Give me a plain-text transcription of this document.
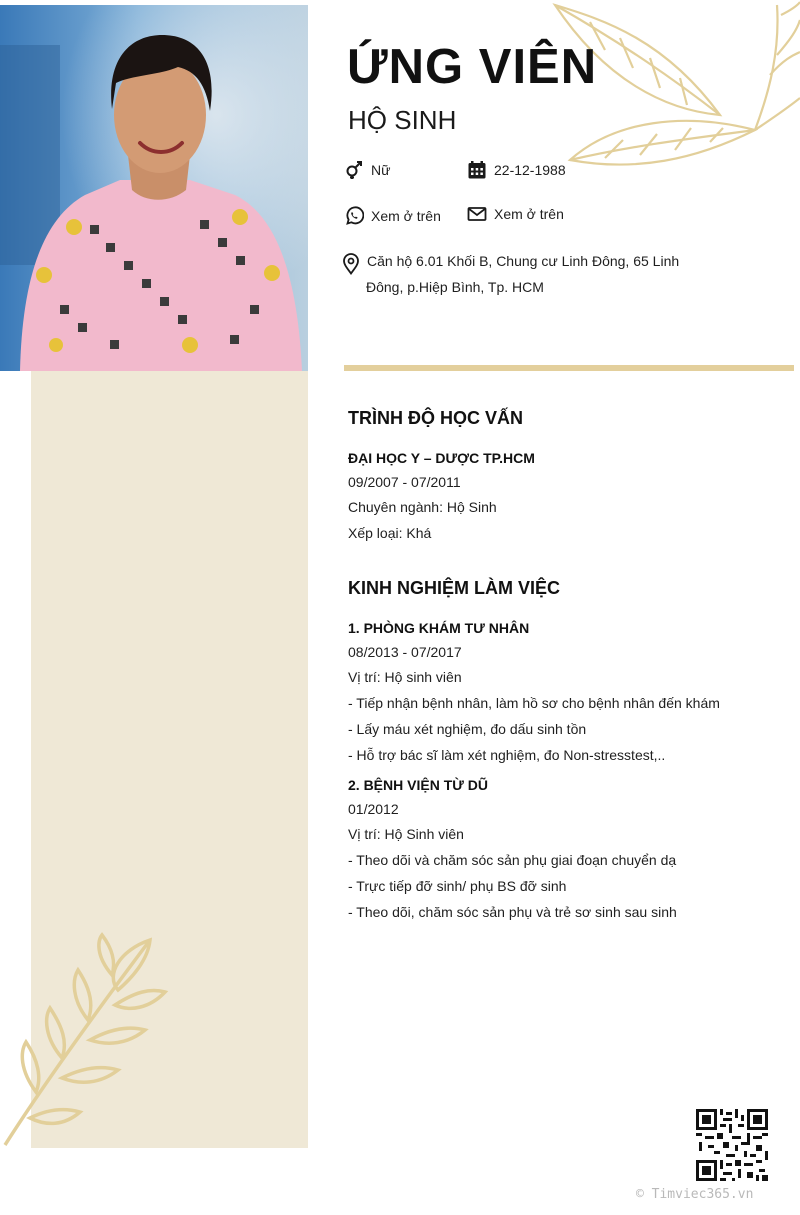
ỨNG VIÊN
HỘ SINH
Nữ	22-12-1988
Xem ở trên	Xem ở trên
Căn hộ 6.01 Khối B, Chung cư Linh Đông, 65 Linh
Đông, p.Hiệp Bình, Tp. HCM
TRÌNH ĐỘ HỌC VẤN
ĐẠI HỌC Y – DƯỢC TP.HCM
09/2007 - 07/2011
Chuyên ngành: Hộ Sinh
Xếp loại: Khá
KINH NGHIỆM LÀM VIỆC
1. PHÒNG KHÁM TƯ NHÂN
08/2013 - 07/2017
Vị trí: Hộ sinh viên
- Tiếp nhận bệnh nhân, làm hồ sơ cho bệnh nhân đến khám
- Lấy máu xét nghiệm, đo dấu sinh tồn
- Hỗ trợ bác sĩ làm xét nghiệm, đo Non-stresstest,..
2. BỆNH VIỆN TỪ DŨ
01/2012
Vị trí: Hộ Sinh viên
- Theo dõi và chăm sóc sản phụ giai đoạn chuyển dạ
- Trực tiếp đỡ sinh/ phụ BS đỡ sinh
- Theo dõi, chăm sóc sản phụ và trẻ sơ sinh sau sinh
© Timviec365.vn
